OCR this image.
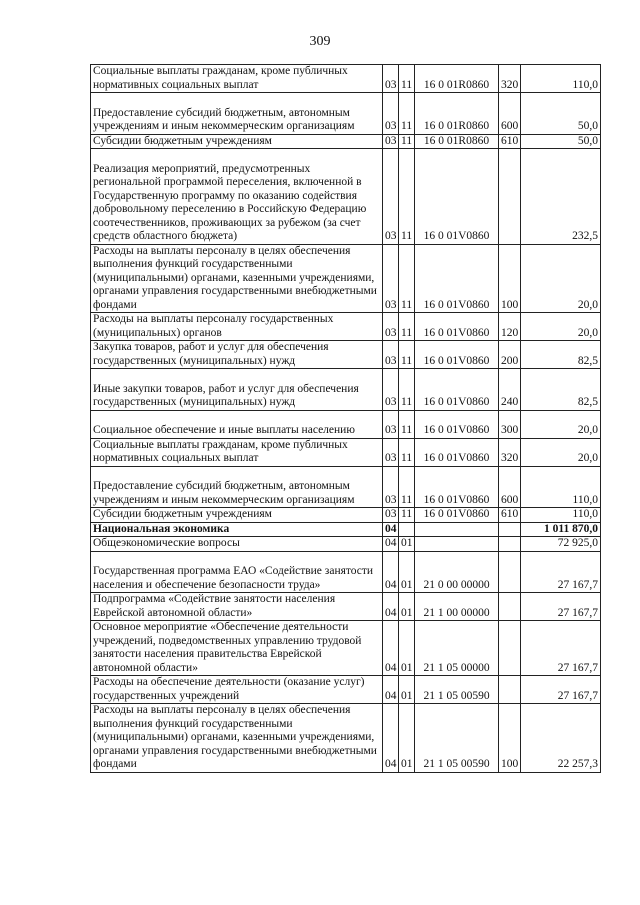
309
Социальные выплаты гражданам, кроме публичных нормативных социальных выплат	03	11	16 0 01R0860	320	110,0
Предоставление субсидий бюджетным, автономным учреждениям и иным некоммерческим организациям	03	11	16 0 01R0860	600	50,0
Субсидии бюджетным учреждениям	03	11	16 0 01R0860	610	50,0
Реализация мероприятий, предусмотренных региональной программой переселения, включенной в Государственную программу по оказанию содействия добровольному переселению в Российскую Федерацию соотечественников, проживающих за рубежом (за счет средств областного бюджета)	03	11	16 0 01V0860		232,5
Расходы на выплаты персоналу в целях обеспечения выполнения функций государственными (муниципальными) органами, казенными учреждениями, органами управления государственными внебюджетными фондами	03	11	16 0 01V0860	100	20,0
Расходы на выплаты персоналу государственных (муниципальных) органов	03	11	16 0 01V0860	120	20,0
Закупка товаров, работ и услуг для обеспечения государственных (муниципальных) нужд	03	11	16 0 01V0860	200	82,5
Иные закупки товаров, работ и услуг для обеспечения государственных (муниципальных) нужд	03	11	16 0 01V0860	240	82,5
Социальное обеспечение и иные выплаты населению	03	11	16 0 01V0860	300	20,0
Социальные выплаты гражданам, кроме публичных нормативных социальных выплат	03	11	16 0 01V0860	320	20,0
Предоставление субсидий бюджетным, автономным учреждениям и иным некоммерческим организациям	03	11	16 0 01V0860	600	110,0
Субсидии бюджетным учреждениям	03	11	16 0 01V0860	610	110,0
Национальная экономика	04				1 011 870,0
Общеэкономические вопросы	04	01			72 925,0
Государственная программа ЕАО «Содействие занятости населения и обеспечение безопасности труда»	04	01	21 0 00 00000		27 167,7
Подпрограмма «Содействие занятости населения Еврейской автономной области»	04	01	21 1 00 00000		27 167,7
Основное мероприятие «Обеспечение деятельности учреждений, подведомственных управлению трудовой занятости населения правительства Еврейской автономной области»	04	01	21 1 05 00000		27 167,7
Расходы на обеспечение деятельности (оказание услуг) государственных учреждений	04	01	21 1 05 00590		27 167,7
Расходы на выплаты персоналу в целях обеспечения выполнения функций государственными (муниципальными) органами, казенными учреждениями, органами управления государственными внебюджетными фондами	04	01	21 1 05 00590	100	22 257,3
